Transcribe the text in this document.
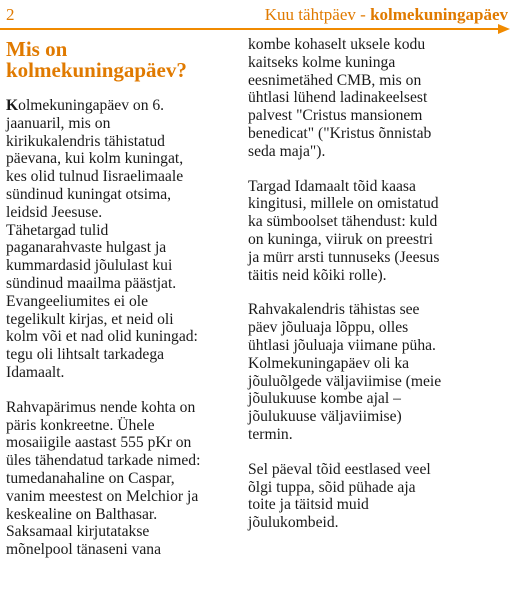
2	Kuu tähtpäev - kolmekuningapäev
Mis on
kolmekuningapäev?

Kolmekuningapäev on 6.
jaanuaril, mis on
kirikukalendris tähistatud
päevana, kui kolm kuningat,
kes olid tulnud Iisraelimaale
sündinud kuningat otsima,
leidsid Jeesuse.
Tähetargad tulid
paganarahvaste hulgast ja
kummardasid jõululast kui
sündinud maailma päästjat.
Evangeeliumites ei ole
tegelikult kirjas, et neid oli
kolm või et nad olid kuningad:
tegu oli lihtsalt tarkadega
Idamaalt.

Rahvapärimus nende kohta on
päris konkreetne. Ühele
mosaiigile aastast 555 pKr on
üles tähendatud tarkade nimed:
tumedanahaline on Caspar,
vanim meestest on Melchior ja
keskealine on Balthasar.
Saksamaal kirjutatakse
mõnelpool tänaseni vana

kombe kohaselt uksele kodu
kaitseks kolme kuninga
eesnimetähed CMB, mis on
ühtlasi lühend ladinakeelsest
palvest "Cristus mansionem
benedicat" ("Kristus õnnistab
seda maja").

Targad Idamaalt tõid kaasa
kingitusi, millele on omistatud
ka sümboolset tähendust: kuld
on kuninga, viiruk on preestri
ja mürr arsti tunnuseks (Jeesus
täitis neid kõiki rolle).

Rahvakalendris tähistas see
päev jõuluaja lõppu, olles
ühtlasi jõuluaja viimane püha.
Kolmekuningapäev oli ka
jõuluõlgede väljaviimise (meie
jõulukuuse kombe ajal –
jõulukuuse väljaviimise)
termin.

Sel päeval tõid eestlased veel
õlgi tuppa, sõid pühade aja
toite ja täitsid muid
jõulukombeid.
